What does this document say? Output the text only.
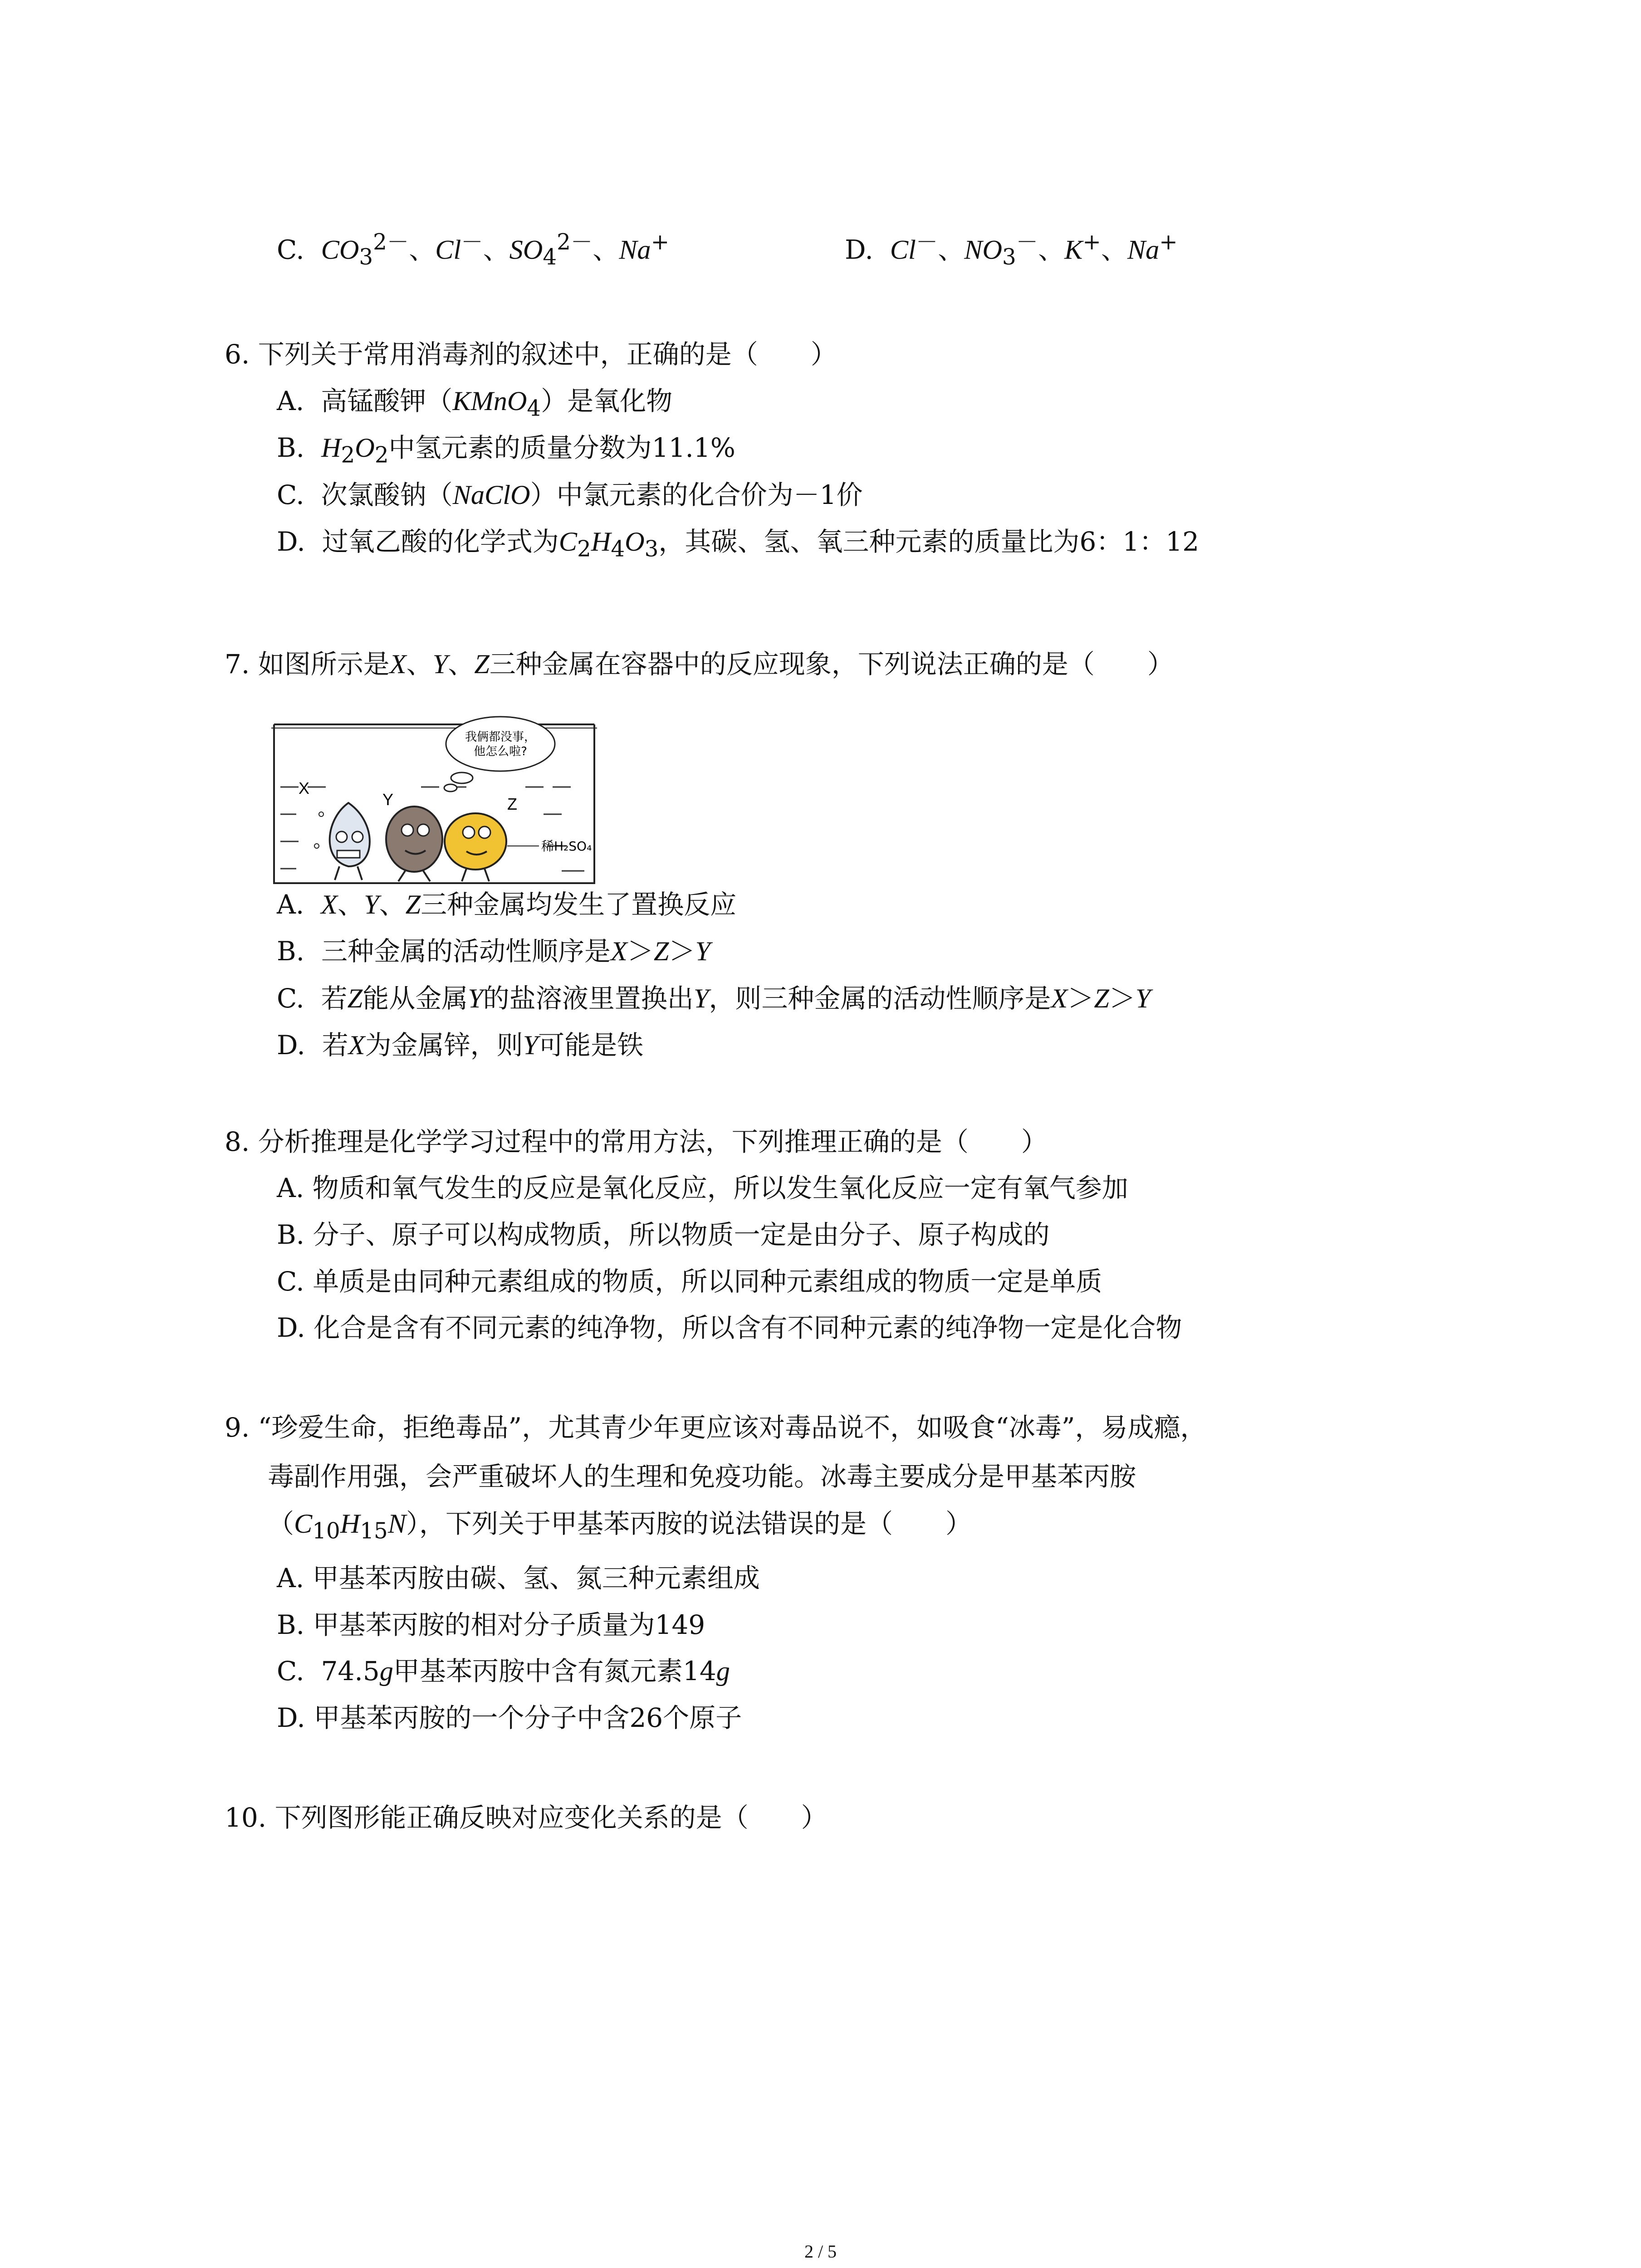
C. $CO_3^{2-}$、Cl－、$SO_4^{2-}$、Na+	D. Cl－、$NO_3^-$、K+、Na+
6. 下列关于常用消毒剂的叙述中，正确的是（　　）
A. 高锰酸钾（KMnO$_4$）是氧化物
B. $H_2O_2$中氢元素的质量分数为11.1%
C. 次氯酸钠（NaClO）中氯元素的化合价为－1价
D. 过氧乙酸的化学式为$C_2H_4O_3$，其碳、氢、氧三种元素的质量比为6：1：12
7. 如图所示是X、Y、Z三种金属在容器中的反应现象，下列说法正确的是（　　）
我俩都没事，
他怎么啦?
X
Y	Z
稀H₂SO₄
A. X、Y、Z三种金属均发生了置换反应
B. 三种金属的活动性顺序是X＞Z＞Y
C. 若Z能从金属Y的盐溶液里置换出Y，则三种金属的活动性顺序是X＞Z＞Y
D. 若X为金属锌，则Y可能是铁
8. 分析推理是化学学习过程中的常用方法，下列推理正确的是（　　）
A. 物质和氧气发生的反应是氧化反应，所以发生氧化反应一定有氧气参加
B. 分子、原子可以构成物质，所以物质一定是由分子、原子构成的
C. 单质是由同种元素组成的物质，所以同种元素组成的物质一定是单质
D. 化合是含有不同元素的纯净物，所以含有不同种元素的纯净物一定是化合物
9. “珍爱生命，拒绝毒品”，尤其青少年更应该对毒品说不，如吸食“冰毒”，易成瘾，
毒副作用强，会严重破坏人的生理和免疫功能。冰毒主要成分是甲基苯丙胺
$(C_{10}H_{15}N)$，下列关于甲基苯丙胺的说法错误的是（　　）
A. 甲基苯丙胺由碳、氢、氮三种元素组成
B. 甲基苯丙胺的相对分子质量为149
C. 74.5g甲基苯丙胺中含有氮元素14g
D. 甲基苯丙胺的一个分子中含26个原子
10. 下列图形能正确反映对应变化关系的是（　　）
2 / 5
